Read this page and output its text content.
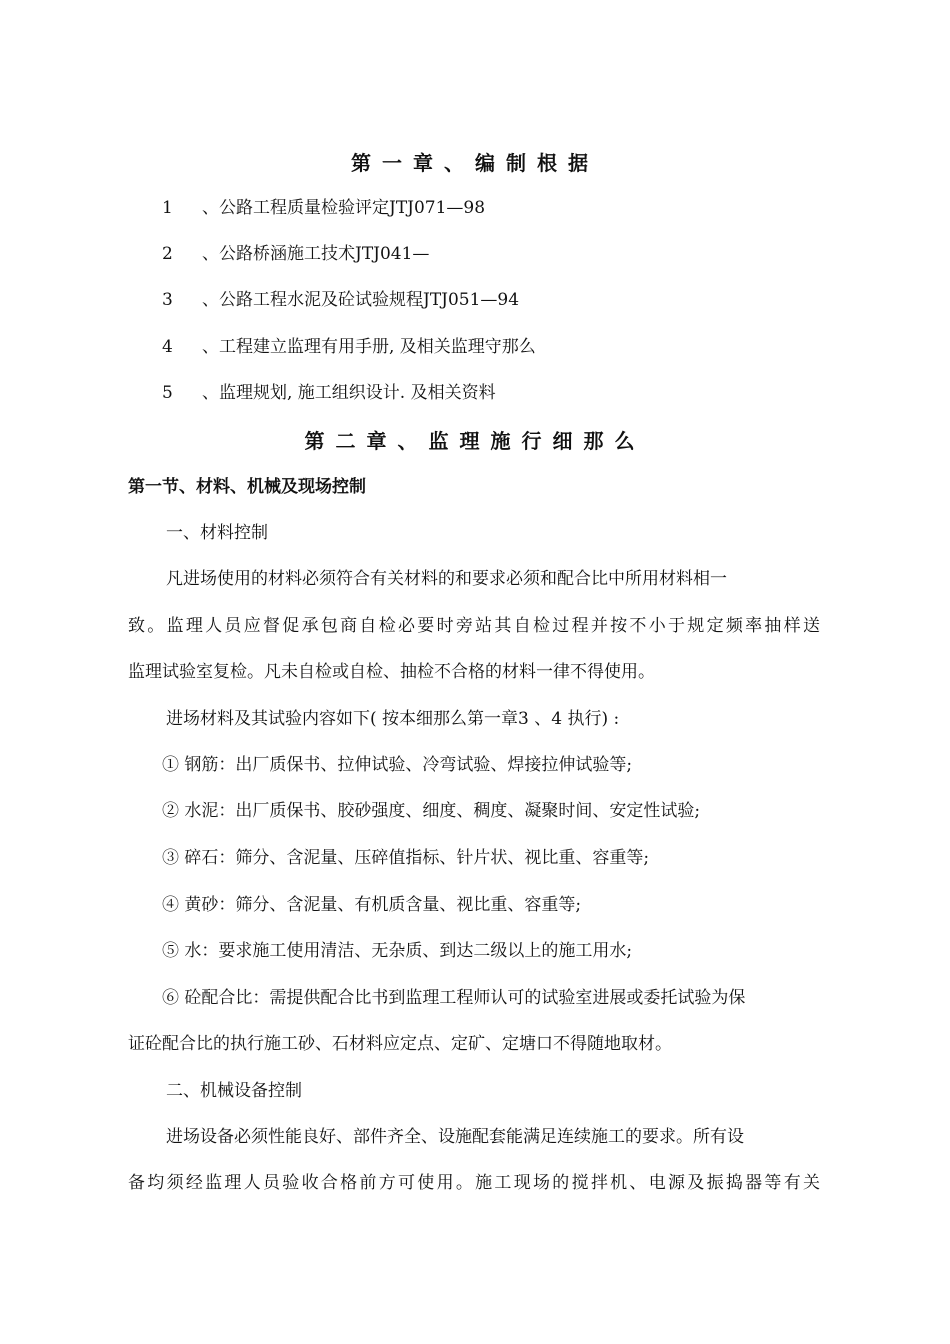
第一章、编制根据
1 、公路工程质量检验评定JTJ071—98
2 、公路桥涵施工技术JTJ041—
3 、公路工程水泥及砼试验规程JTJ051—94
4 、工程建立监理有用手册, 及相关监理守那么
5 、监理规划, 施工组织设计. 及相关资料
第二章、监理施行细那么
第一节、材料、机械及现场控制
一、材料控制
凡进场使用的材料必须符合有关材料的和要求必须和配合比中所用材料相一
致。监理人员应督促承包商自检必要时旁站其自检过程并按不小于规定频率抽样送
监理试验室复检。凡未自检或自检、抽检不合格的材料一律不得使用。
进场材料及其试验内容如下( 按本细那么第一章3 、4 执行) :
① 钢筋：出厂质保书、拉伸试验、冷弯试验、焊接拉伸试验等;
② 水泥：出厂质保书、胶砂强度、细度、稠度、凝聚时间、安定性试验;
③ 碎石：筛分、含泥量、压碎值指标、针片状、视比重、容重等;
④ 黄砂：筛分、含泥量、有机质含量、视比重、容重等;
⑤ 水：要求施工使用清洁、无杂质、到达二级以上的施工用水;
⑥ 砼配合比：需提供配合比书到监理工程师认可的试验室进展或委托试验为保
证砼配合比的执行施工砂、石材料应定点、定矿、定塘口不得随地取材。
二、机械设备控制
进场设备必须性能良好、部件齐全、设施配套能满足连续施工的要求。所有设
备均须经监理人员验收合格前方可使用。施工现场的搅拌机、电源及振捣器等有关
